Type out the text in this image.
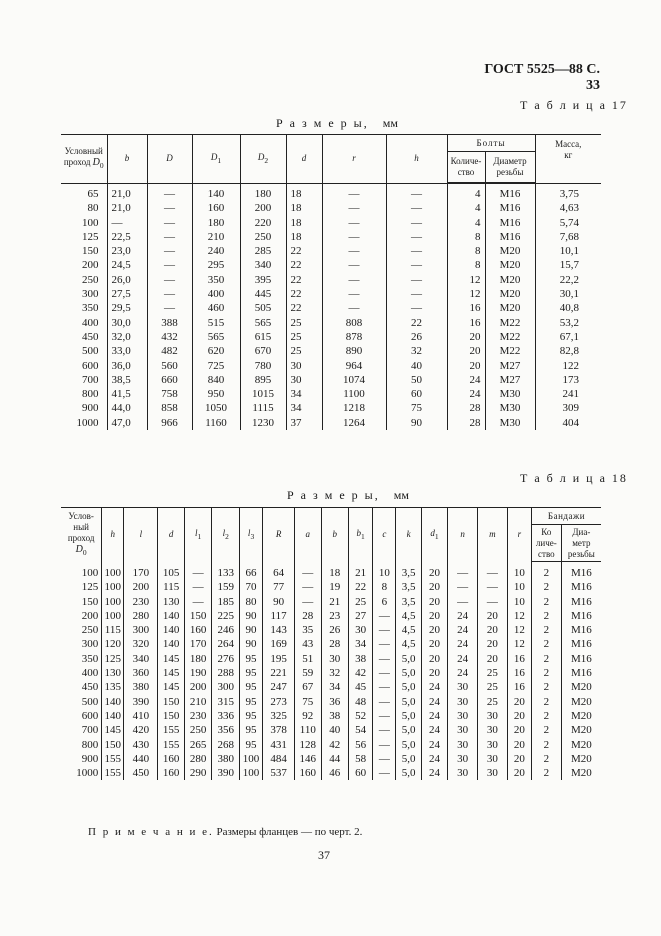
ГОСТ 5525—88 С. 33
Т а б л и ц а 17
Р а з м е р ы, мм
Условный
проход $D_0$	b	D	$D_1$	$D_2$	d	r	h	Болты		Масса,
кг
								Количе-
ство	Диаметр
резьбы	

65	21,0	—	140	180	18	—	—	4	М16	3,75
80	21,0	—	160	200	18	—	—	4	М16	4,63
100	—	—	180	220	18	—	—	4	М16	5,74
125	22,5	—	210	250	18	—	—	8	М16	7,68
150	23,0	—	240	285	22	—	—	8	М20	10,1
200	24,5	—	295	340	22	—	—	8	М20	15,7
250	26,0	—	350	395	22	—	—	12	М20	22,2
300	27,5	—	400	445	22	—	—	12	М20	30,1
350	29,5	—	460	505	22	—	—	16	М20	40,8
400	30,0	388	515	565	25	808	22	16	М22	53,2
450	32,0	432	565	615	25	878	26	20	М22	67,1
500	33,0	482	620	670	25	890	32	20	М22	82,8
600	36,0	560	725	780	30	964	40	20	М27	122
700	38,5	660	840	895	30	1074	50	24	М27	173
800	41,5	758	950	1015	34	1100	60	24	М30	241
900	44,0	858	1050	1115	34	1218	75	28	М30	309
1000	47,0	966	1160	1230	37	1264	90	28	М30	404
Т а б л и ц а 18
Р а з м е р ы, мм
Услов-
ный
проход
$D_0$	h	l	d	$l_1$	$l_2$	$l_3$	R	a	b	$b_1$	c	k	$d_1$	n	m	r	Бандажи	
																	Ко
личе-
ство	Диа-
метр
резьбы
100	100	170	105	—	133	66	64	—	18	21	10	3,5	20	—	—	10	2	М16
125	100	200	115	—	159	70	77	—	19	22	8	3,5	20	—	—	10	2	М16
150	100	230	130	—	185	80	90	—	21	25	6	3,5	20	—	—	10	2	М16
200	100	280	140	150	225	90	117	28	23	27	—	4,5	20	24	20	12	2	М16
250	115	300	140	160	246	90	143	35	26	30	—	4,5	20	24	20	12	2	М16
300	120	320	140	170	264	90	169	43	28	34	—	4,5	20	24	20	12	2	М16
350	125	340	145	180	276	95	195	51	30	38	—	5,0	20	24	20	16	2	М16
400	130	360	145	190	288	95	221	59	32	42	—	5,0	20	24	25	16	2	М16
450	135	380	145	200	300	95	247	67	34	45	—	5,0	24	30	25	16	2	М20
500	140	390	150	210	315	95	273	75	36	48	—	5,0	24	30	25	20	2	М20
600	140	410	150	230	336	95	325	92	38	52	—	5,0	24	30	30	20	2	М20
700	145	420	155	250	356	95	378	110	40	54	—	5,0	24	30	30	20	2	М20
800	150	430	155	265	268	95	431	128	42	56	—	5,0	24	30	30	20	2	М20
900	155	440	160	280	380	100	484	146	44	58	—	5,0	24	30	30	20	2	М20
1000	155	450	160	290	390	100	537	160	46	60	—	5,0	24	30	30	20	2	М20
П р и м е ч а н и е. Размеры фланцев — по черт. 2.
37
